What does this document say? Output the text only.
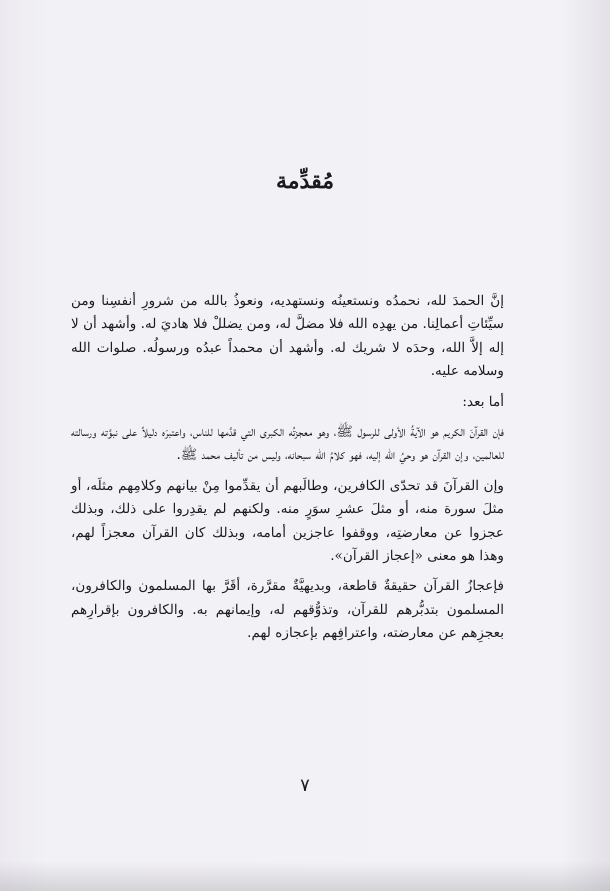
مُقدِّمة

إنَّ الحمدَ لله، نحمدُه ونستعينُه ونستهديه، ونعوذُ بالله من شرورِ أنفسِنا ومن سيِّئاتِ أعمالِنا. من يهدِه الله فلا مضلَّ له، ومن يضللْ فلا هاديَ له. وأشهد أن لا إله إلاَّ الله، وحدَه لا شريك له. وأشهد أن محمداً عبدُه ورسولُه. صلوات الله وسلامه عليه.

أما بعد:

فإن القرآنَ الكريم هو الآيةُ الأولى للرسول ﷺ، وهو معجزتُه الكبرى التي قدَّمها للناس، واعتبرَه دليلاً على نبوَّته ورسالته للعالمين، وإن القرآن هو وحيُ الله إليه، فهو كلامُ الله سبحانه، وليس من تأليف محمد ﷺ.

وإن القرآنَ قد تحدّى الكافرين، وطالَبهم أن يقدِّموا مِنْ بيانهم وكلامِهم مثلَه، أو مثلَ سورة منه، أو مثلَ عشرِ سوَرٍ منه. ولكنهم لم يقدِروا على ذلك، وبذلك عجزوا عن معارضتِه، ووقفوا عاجزين أمامه، وبذلك كان القرآن معجزاً لهم، وهذا هو معنى «إعجاز القرآن».

فإعجازُ القرآن حقيقةٌ قاطعة، وبديهيَّةٌ مقرَّرة، أقَرَّ بها المسلمون والكافرون، المسلمون بتدبُّرهم للقرآن، وتذوُّقهم له، وإيمانهم به. والكافرون بإقرارِهم بعجزِهم عن معارضته، واعترافِهم بإعجازه لهم.

٧
